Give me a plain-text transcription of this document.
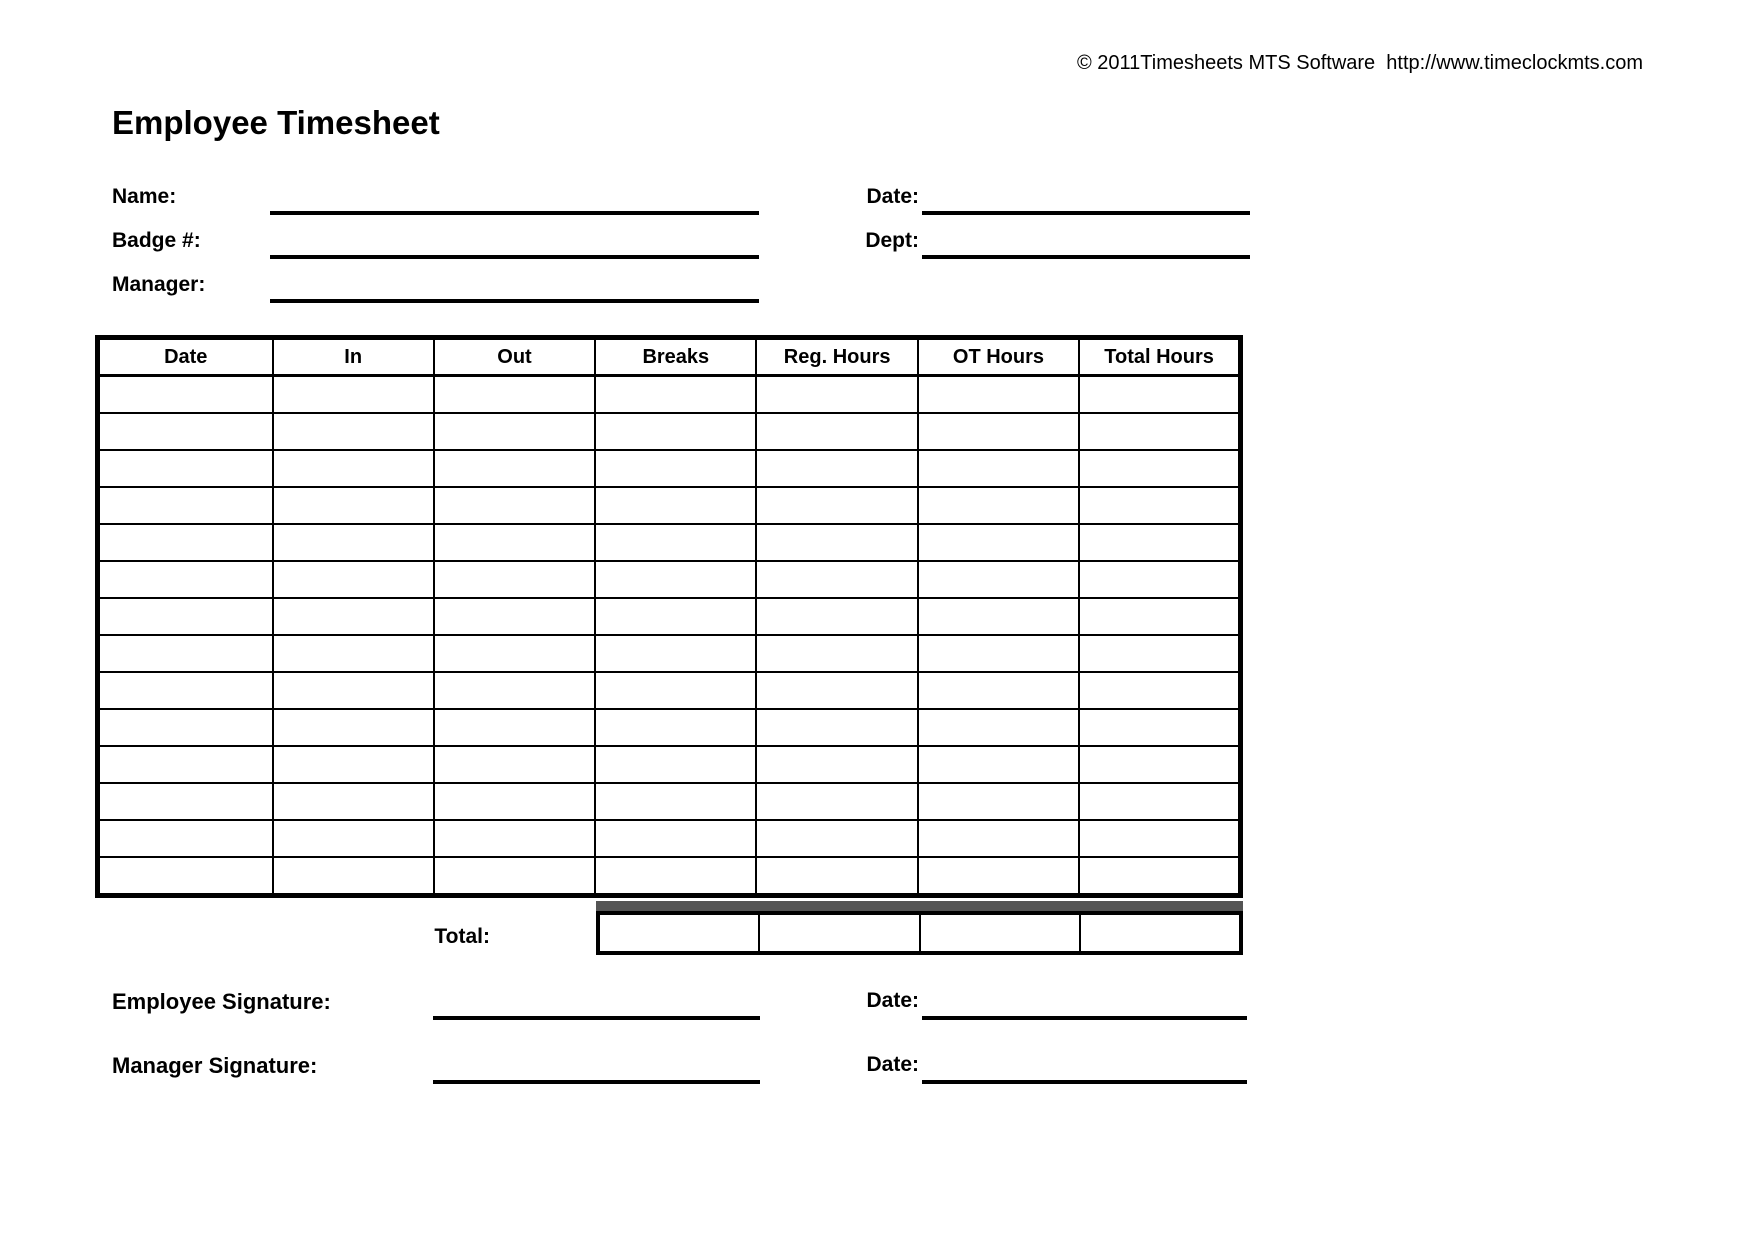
© 2011Timesheets MTS Software  http://www.timeclockmts.com
Employee Timesheet
Name:
Badge #:
Manager:
Date:
Dept:
Date	In	Out	Breaks	Reg. Hours	OT Hours	Total Hours

Total:
Employee Signature:	Date:
Manager Signature:	Date:
